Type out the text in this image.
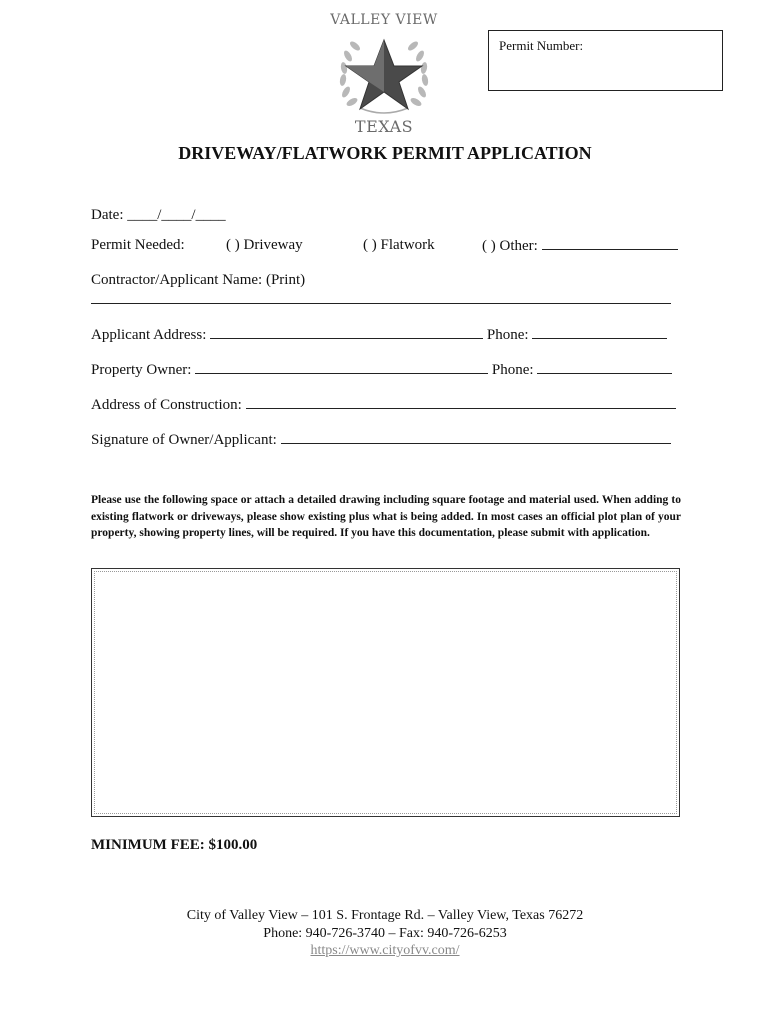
VALLEY VIEW
TEXAS
Permit Number:
DRIVEWAY/FLATWORK PERMIT APPLICATION
Date: ____/____/____
Permit Needed:	( ) Driveway	( ) Flatwork	( ) Other:
Contractor/Applicant Name: (Print)
Applicant Address:	Phone:
Property Owner:	Phone:
Address of Construction:
Signature of Owner/Applicant:
Please use the following space or attach a detailed drawing including square footage and material used. When adding to existing flatwork or driveways, please show existing plus what is being added. In most cases an official plot plan of your property, showing property lines, will be required. If you have this documentation, please submit with application.
MINIMUM FEE: $100.00
City of Valley View – 101 S. Frontage Rd. – Valley View, Texas 76272
Phone: 940-726-3740 – Fax: 940-726-6253
https://www.cityofvv.com/
